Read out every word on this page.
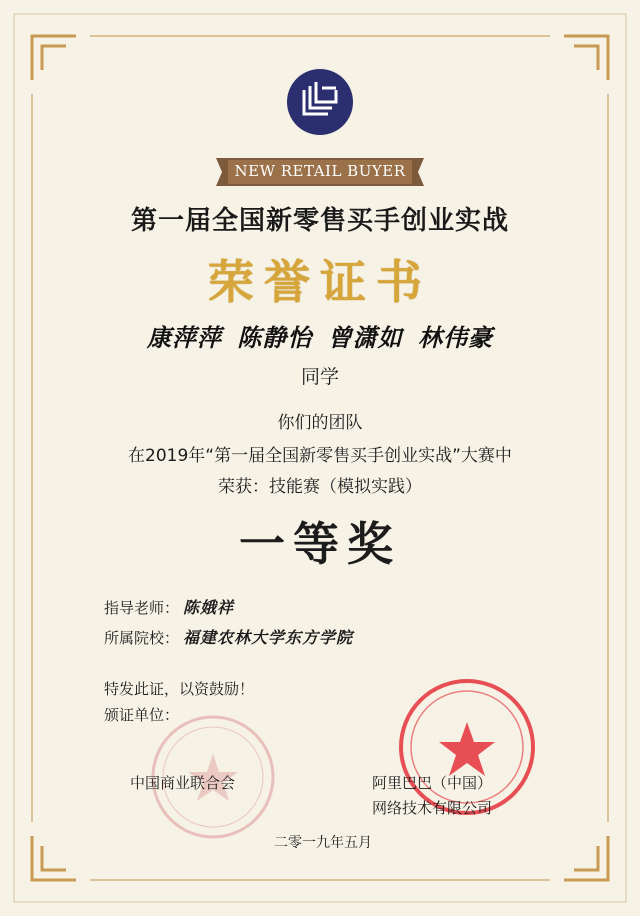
NEW RETAIL BUYER
第一届全国新零售买手创业实战
荣誉证书
康萍萍 陈静怡 曾潇如 林伟豪
同学
你们的团队
在2019年“第一届全国新零售买手创业实战”大赛中
荣获：技能赛（模拟实践）
一等奖
指导老师： 陈娥祥
所属院校： 福建农林大学东方学院
特发此证，以资鼓励！
颁证单位：
中国商业联合会	阿里巴巴（中国）
网络技术有限公司
二零一九年五月
